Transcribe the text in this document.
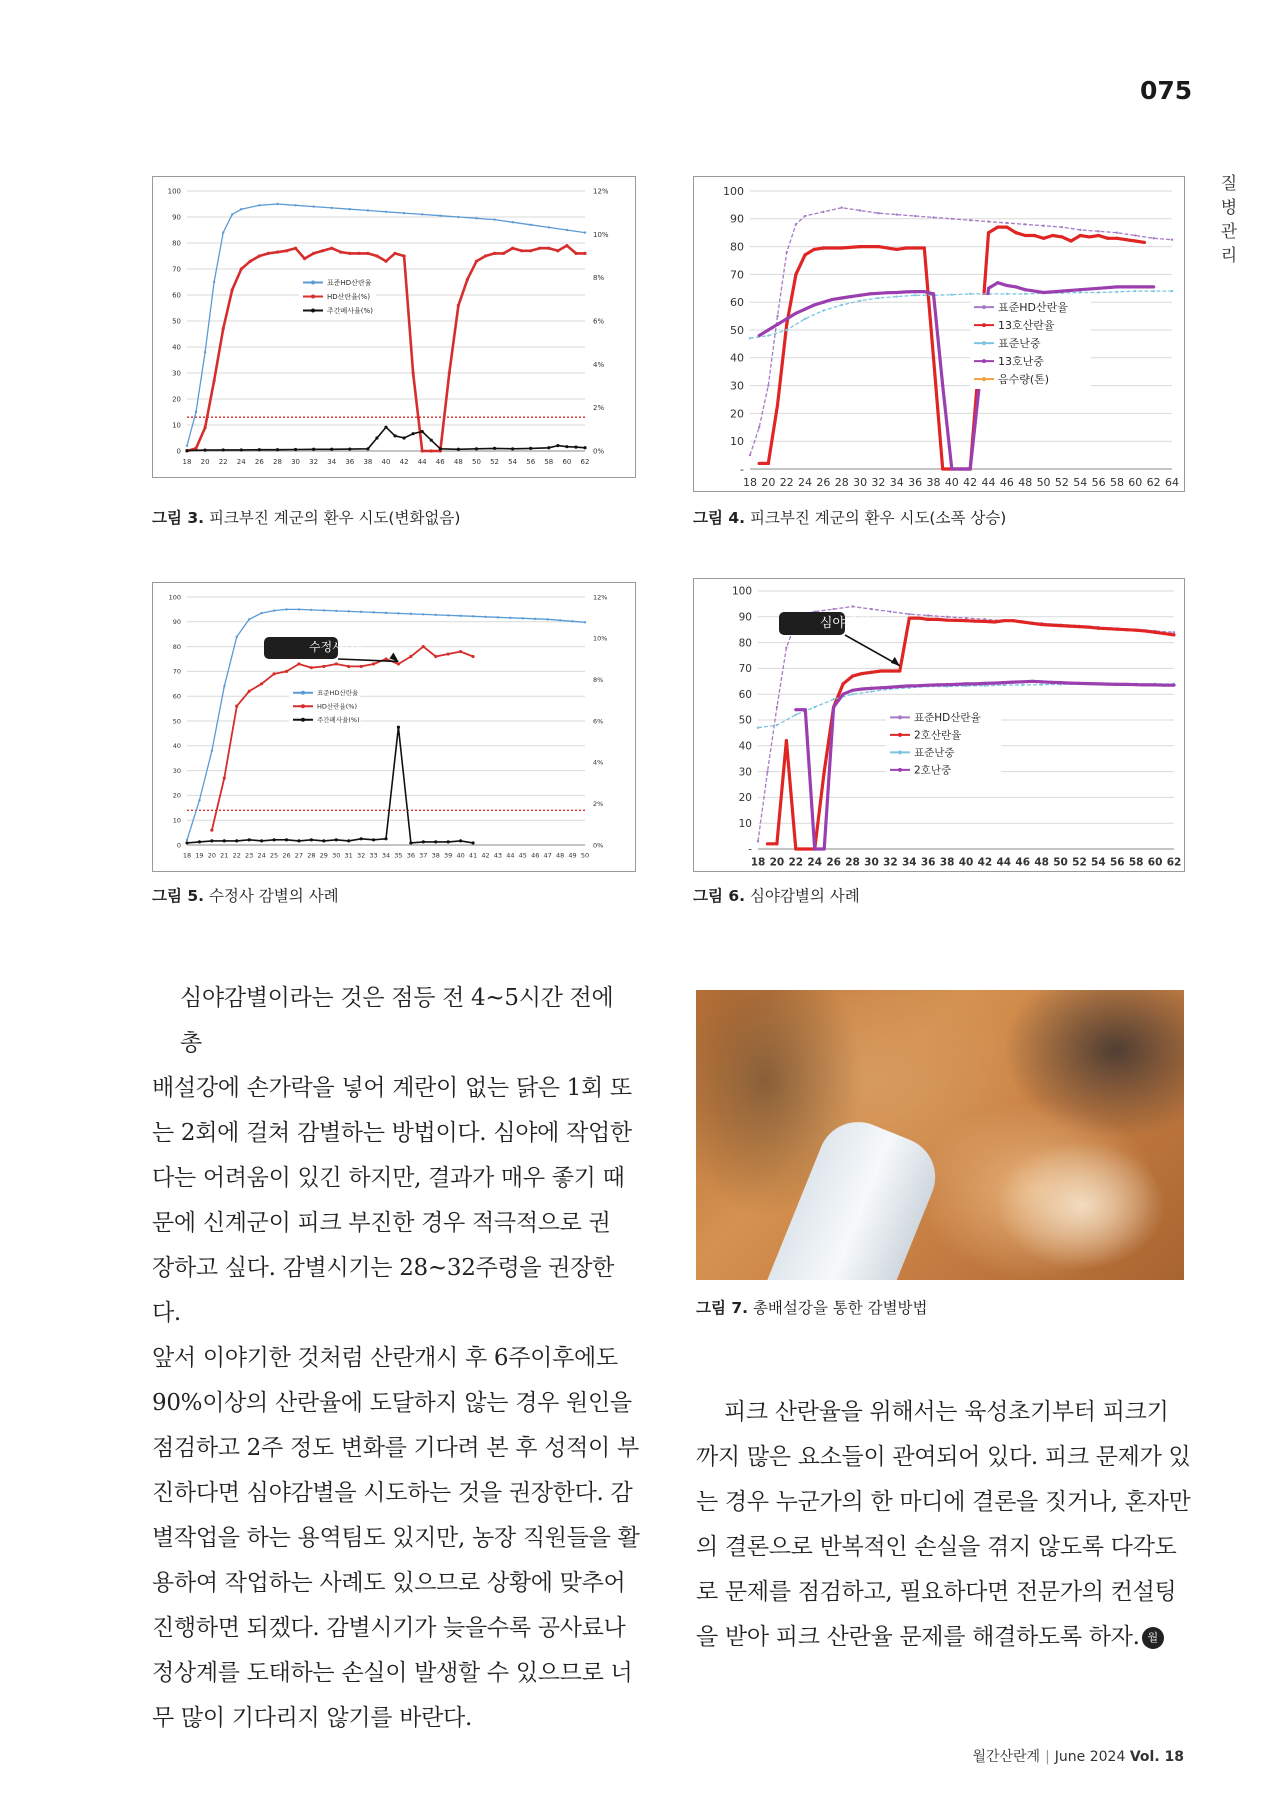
075
질
병
관
리
0
10
20
30
40
50
60
70
80
90
100
0%
2%
4%
6%
8%
10%
12%
18 20 22 24 26 28 30 32 34 36 38 40 42 44 46 48 50 52 54 56 58 60 62
표준HD산란율
HD산란율(%)
주간폐사율(%)
그림 3. 피크부진 계군의 환우 시도(변화없음)
-
10
20
30
40
50
60
70
80
90
100
18 20 22 24 26 28 30 32 34 36 38 40 42 44 46 48 50 52 54 56 58 60 62 64
표준HD산란율
13호산란율
표준난중
13호난중
음수량(톤)
그림 4. 피크부진 계군의 환우 시도(소폭 상승)
0
10
20
30
40
50
60
70
80
90
100
0%
2%
4%
6%
8%
10%
12%
18 19 20 21 22 23 24 25 26 27 28 29 30 31 32 33 34 35 36 37 38 39 40 41 42 43 44 45 46 47 48 49 50
표준HD산란율
HD산란율(%)
주간폐사율(%)
수정사감별
그림 5. 수정사 감별의 사례
-
10
20
30
40
50
60
70
80
90
100
18 20 22 24 26 28 30 32 34 36 38 40 42 44 46 48 50 52 54 56 58 60 62
표준HD산란율
2호산란율
표준난중
2호난중
심야감별
그림 6. 심야감별의 사례

심야감별이라는 것은 점등 전 4~5시간 전에 총

배설강에 손가락을 넣어 계란이 없는 닭은 1회 또

는 2회에 걸쳐 감별하는 방법이다. 심야에 작업한

다는 어려움이 있긴 하지만, 결과가 매우 좋기 때

문에 신계군이 피크 부진한 경우 적극적으로 권

장하고 싶다. 감별시기는 28~32주령을 권장한다.

앞서 이야기한 것처럼 산란개시 후 6주이후에도

90%이상의 산란율에 도달하지 않는 경우 원인을

점검하고 2주 정도 변화를 기다려 본 후 성적이 부

진하다면 심야감별을 시도하는 것을 권장한다. 감

별작업을 하는 용역팀도 있지만, 농장 직원들을 활

용하여 작업하는 사례도 있으므로 상황에 맞추어

진행하면 되겠다. 감별시기가 늦을수록 공사료나

정상계를 도태하는 손실이 발생할 수 있으므로 너

무 많이 기다리지 않기를 바란다.

그림 7. 총배설강을 통한 감별방법

피크 산란율을 위해서는 육성초기부터 피크기

까지 많은 요소들이 관여되어 있다. 피크 문제가 있

는 경우 누군가의 한 마디에 결론을 짓거나, 혼자만

의 결론으로 반복적인 손실을 겪지 않도록 다각도

로 문제를 점검하고, 필요하다면 전문가의 컨설팅

을 받아 피크 산란율 문제를 해결하도록 하자. 월

월간산란계 | June 2024 Vol. 18
